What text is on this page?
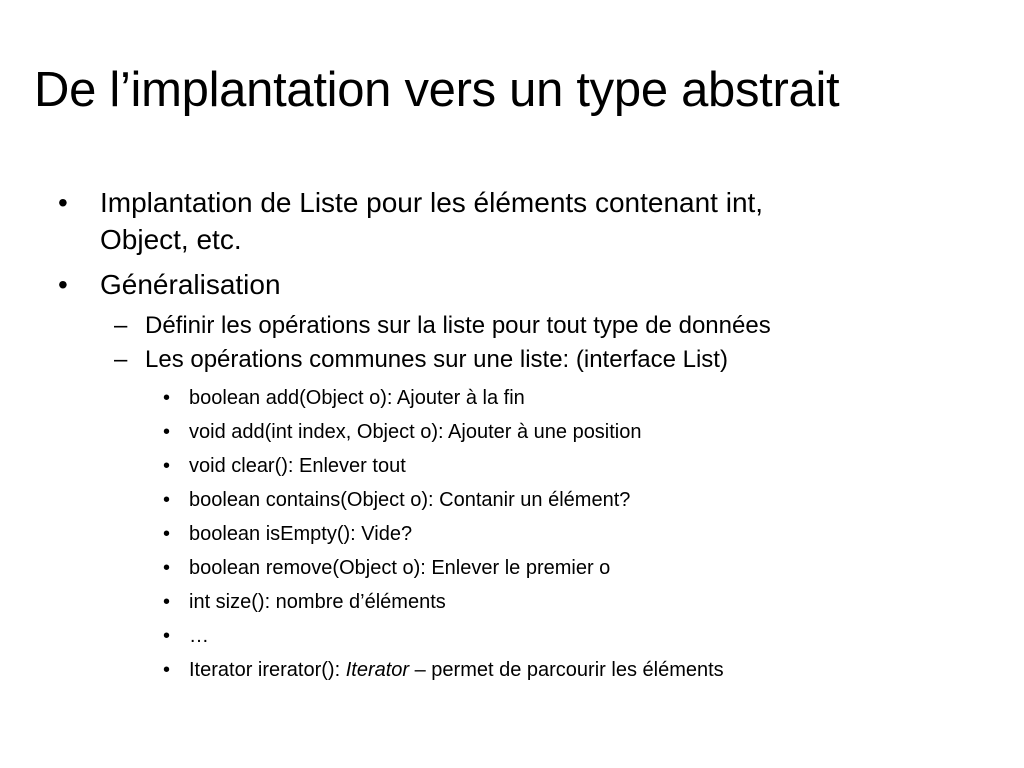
De l’implantation vers un type abstrait
• Implantation de Liste pour les éléments contenant int,
Object, etc.
• Généralisation
– Définir les opérations sur la liste pour tout type de données
– Les opérations communes sur une liste: (interface List)
• boolean add(Object o): Ajouter à la fin
• void add(int index, Object o): Ajouter à une position
• void clear(): Enlever tout
• boolean contains(Object o): Contanir un élément?
• boolean isEmpty(): Vide?
• boolean remove(Object o): Enlever le premier o
• int size(): nombre d’éléments
• …
• Iterator irerator(): Iterator – permet de parcourir les éléments
